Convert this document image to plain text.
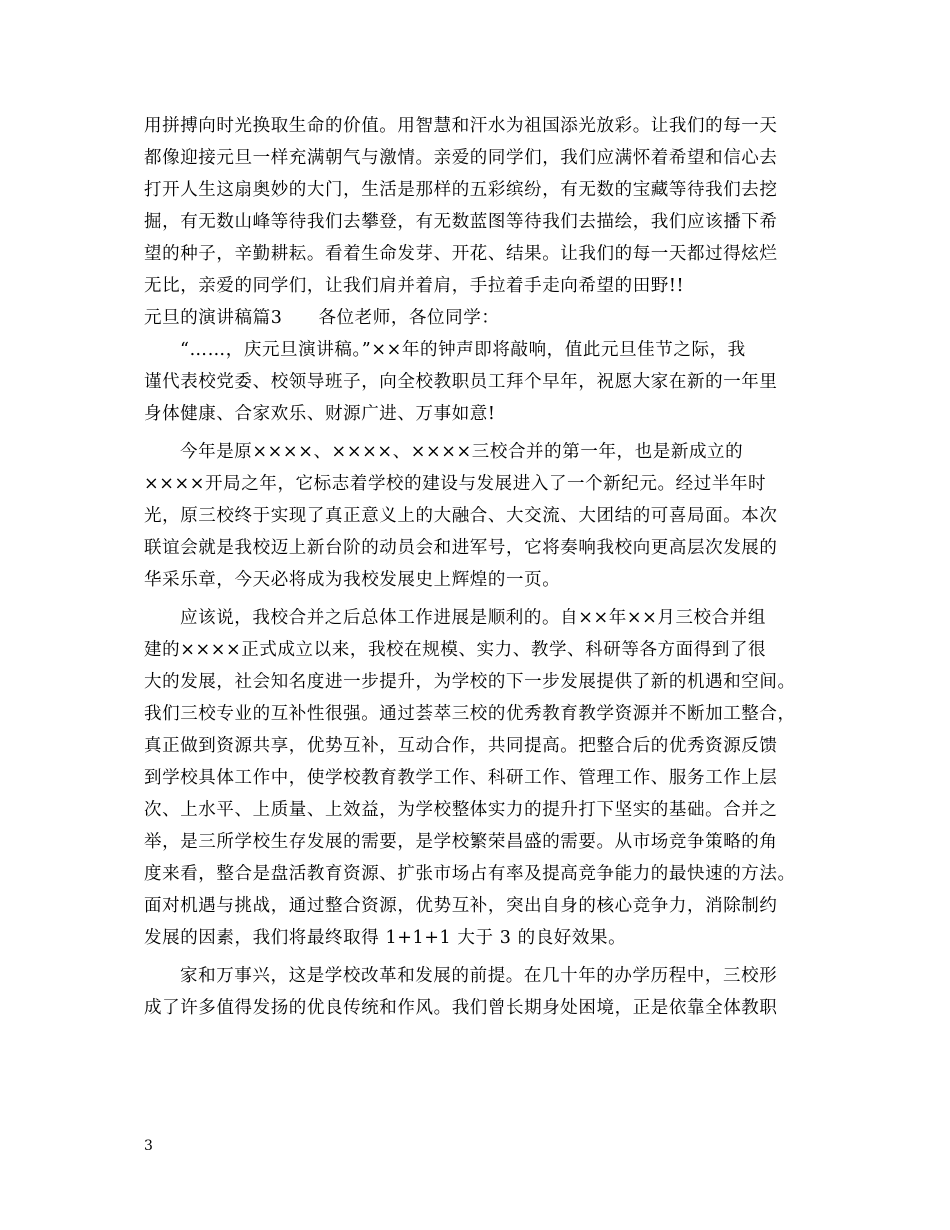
用拼搏向时光换取生命的价值。用智慧和汗水为祖国添光放彩。让我们的每一天
都像迎接元旦一样充满朝气与激情。亲爱的同学们，我们应满怀着希望和信心去
打开人生这扇奥妙的大门，生活是那样的五彩缤纷，有无数的宝藏等待我们去挖
掘，有无数山峰等待我们去攀登，有无数蓝图等待我们去描绘，我们应该播下希
望的种子，辛勤耕耘。看着生命发芽、开花、结果。让我们的每一天都过得炫烂
无比，亲爱的同学们，让我们肩并着肩，手拉着手走向希望的田野!!
元旦的演讲稿篇3 各位老师，各位同学：
“……，庆元旦演讲稿。”××年的钟声即将敲响，值此元旦佳节之际，我
谨代表校党委、校领导班子，向全校教职员工拜个早年，祝愿大家在新的一年里
身体健康、合家欢乐、财源广进、万事如意!
今年是原××××、××××、××××三校合并的第一年，也是新成立的
××××开局之年，它标志着学校的建设与发展进入了一个新纪元。经过半年时
光，原三校终于实现了真正意义上的大融合、大交流、大团结的可喜局面。本次
联谊会就是我校迈上新台阶的动员会和进军号，它将奏响我校向更高层次发展的
华采乐章，今天必将成为我校发展史上辉煌的一页。
应该说，我校合并之后总体工作进展是顺利的。自××年××月三校合并组
建的××××正式成立以来，我校在规模、实力、教学、科研等各方面得到了很
大的发展，社会知名度进一步提升，为学校的下一步发展提供了新的机遇和空间。
我们三校专业的互补性很强。通过荟萃三校的优秀教育教学资源并不断加工整合，
真正做到资源共享，优势互补，互动合作，共同提高。把整合后的优秀资源反馈
到学校具体工作中，使学校教育教学工作、科研工作、管理工作、服务工作上层
次、上水平、上质量、上效益，为学校整体实力的提升打下坚实的基础。合并之
举，是三所学校生存发展的需要，是学校繁荣昌盛的需要。从市场竞争策略的角
度来看，整合是盘活教育资源、扩张市场占有率及提高竞争能力的最快速的方法。
面对机遇与挑战，通过整合资源，优势互补，突出自身的核心竞争力，消除制约
发展的因素，我们将最终取得 1+1+1 大于 3 的良好效果。
家和万事兴，这是学校改革和发展的前提。在几十年的办学历程中，三校形
成了许多值得发扬的优良传统和作风。我们曾长期身处困境，正是依靠全体教职
3
